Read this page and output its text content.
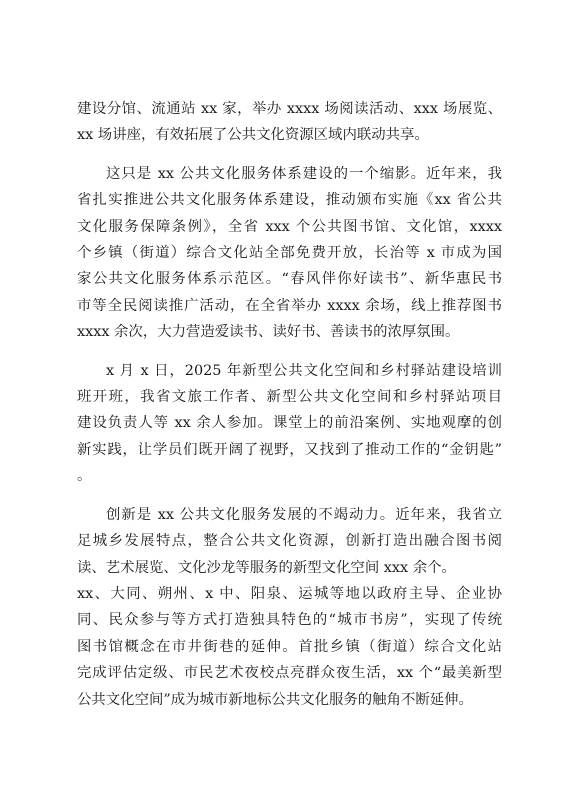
建设分馆、流通站 xx 家，举办 xxxx 场阅读活动、xxx 场展览、
xx 场讲座，有效拓展了公共文化资源区域内联动共享。

这只是 xx 公共文化服务体系建设的一个缩影。近年来，我
省扎实推进公共文化服务体系建设，推动颁布实施《xx 省公共
文化服务保障条例》，全省 xxx 个公共图书馆、文化馆，xxxx
个乡镇（街道）综合文化站全部免费开放，长治等 x 市成为国
家公共文化服务体系示范区。“春风伴你好读书”、新华惠民书
市等全民阅读推广活动，在全省举办 xxxx 余场，线上推荐图书
xxxx 余次，大力营造爱读书、读好书、善读书的浓厚氛围。

x 月 x 日，2025 年新型公共文化空间和乡村驿站建设培训
班开班，我省文旅工作者、新型公共文化空间和乡村驿站项目
建设负责人等 xx 余人参加。课堂上的前沿案例、实地观摩的创
新实践，让学员们既开阔了视野，又找到了推动工作的“金钥匙”
。

创新是 xx 公共文化服务发展的不竭动力。近年来，我省立
足城乡发展特点，整合公共文化资源，创新打造出融合图书阅
读、艺术展览、文化沙龙等服务的新型文化空间 xxx 余个。
xx、大同、朔州、x 中、阳泉、运城等地以政府主导、企业协
同、民众参与等方式打造独具特色的“城市书房”，实现了传统
图书馆概念在市井街巷的延伸。首批乡镇（街道）综合文化站
完成评估定级、市民艺术夜校点亮群众夜生活，xx 个“最美新型
公共文化空间”成为城市新地标公共文化服务的触角不断延伸。
